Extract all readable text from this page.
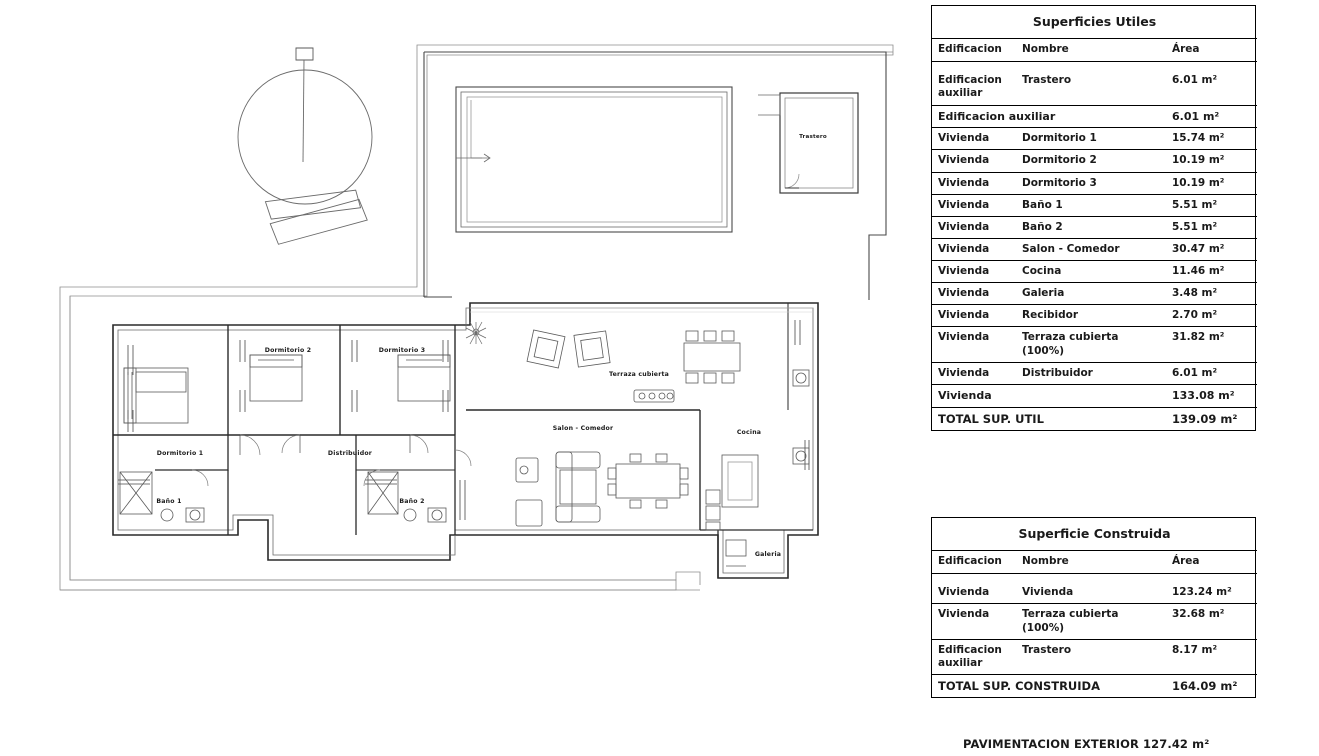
Trastero
Dormitorio 2	Dormitorio 3
Dormitorio 1	Distribuidor
Baño 1	Baño 2
Salon - Comedor
Terraza cubierta
Cocina
Galeria
Superficies Utiles		
Edificacion	Nombre	Área

Edificacion auxiliar	Trastero	6.01 m²
Edificacion auxiliar		6.01 m²
Vivienda	Dormitorio 1	15.74 m²
Vivienda	Dormitorio 2	10.19 m²
Vivienda	Dormitorio 3	10.19 m²
Vivienda	Baño 1	5.51 m²
Vivienda	Baño 2	5.51 m²
Vivienda	Salon - Comedor	30.47 m²
Vivienda	Cocina	11.46 m²
Vivienda	Galeria	3.48 m²
Vivienda	Recibidor	2.70 m²
Vivienda	Terraza cubierta (100%)	31.82 m²
Vivienda	Distribuidor	6.01 m²
Vivienda		133.08 m²
TOTAL SUP. UTIL		139.09 m²
Superficie Construida		
Edificacion	Nombre	Área

Vivienda	Vivienda	123.24 m²
Vivienda	Terraza cubierta (100%)	32.68 m²
Edificacion auxiliar	Trastero	8.17 m²
TOTAL SUP. CONSTRUIDA		164.09 m²
PAVIMENTACION EXTERIOR 127.42 m²
